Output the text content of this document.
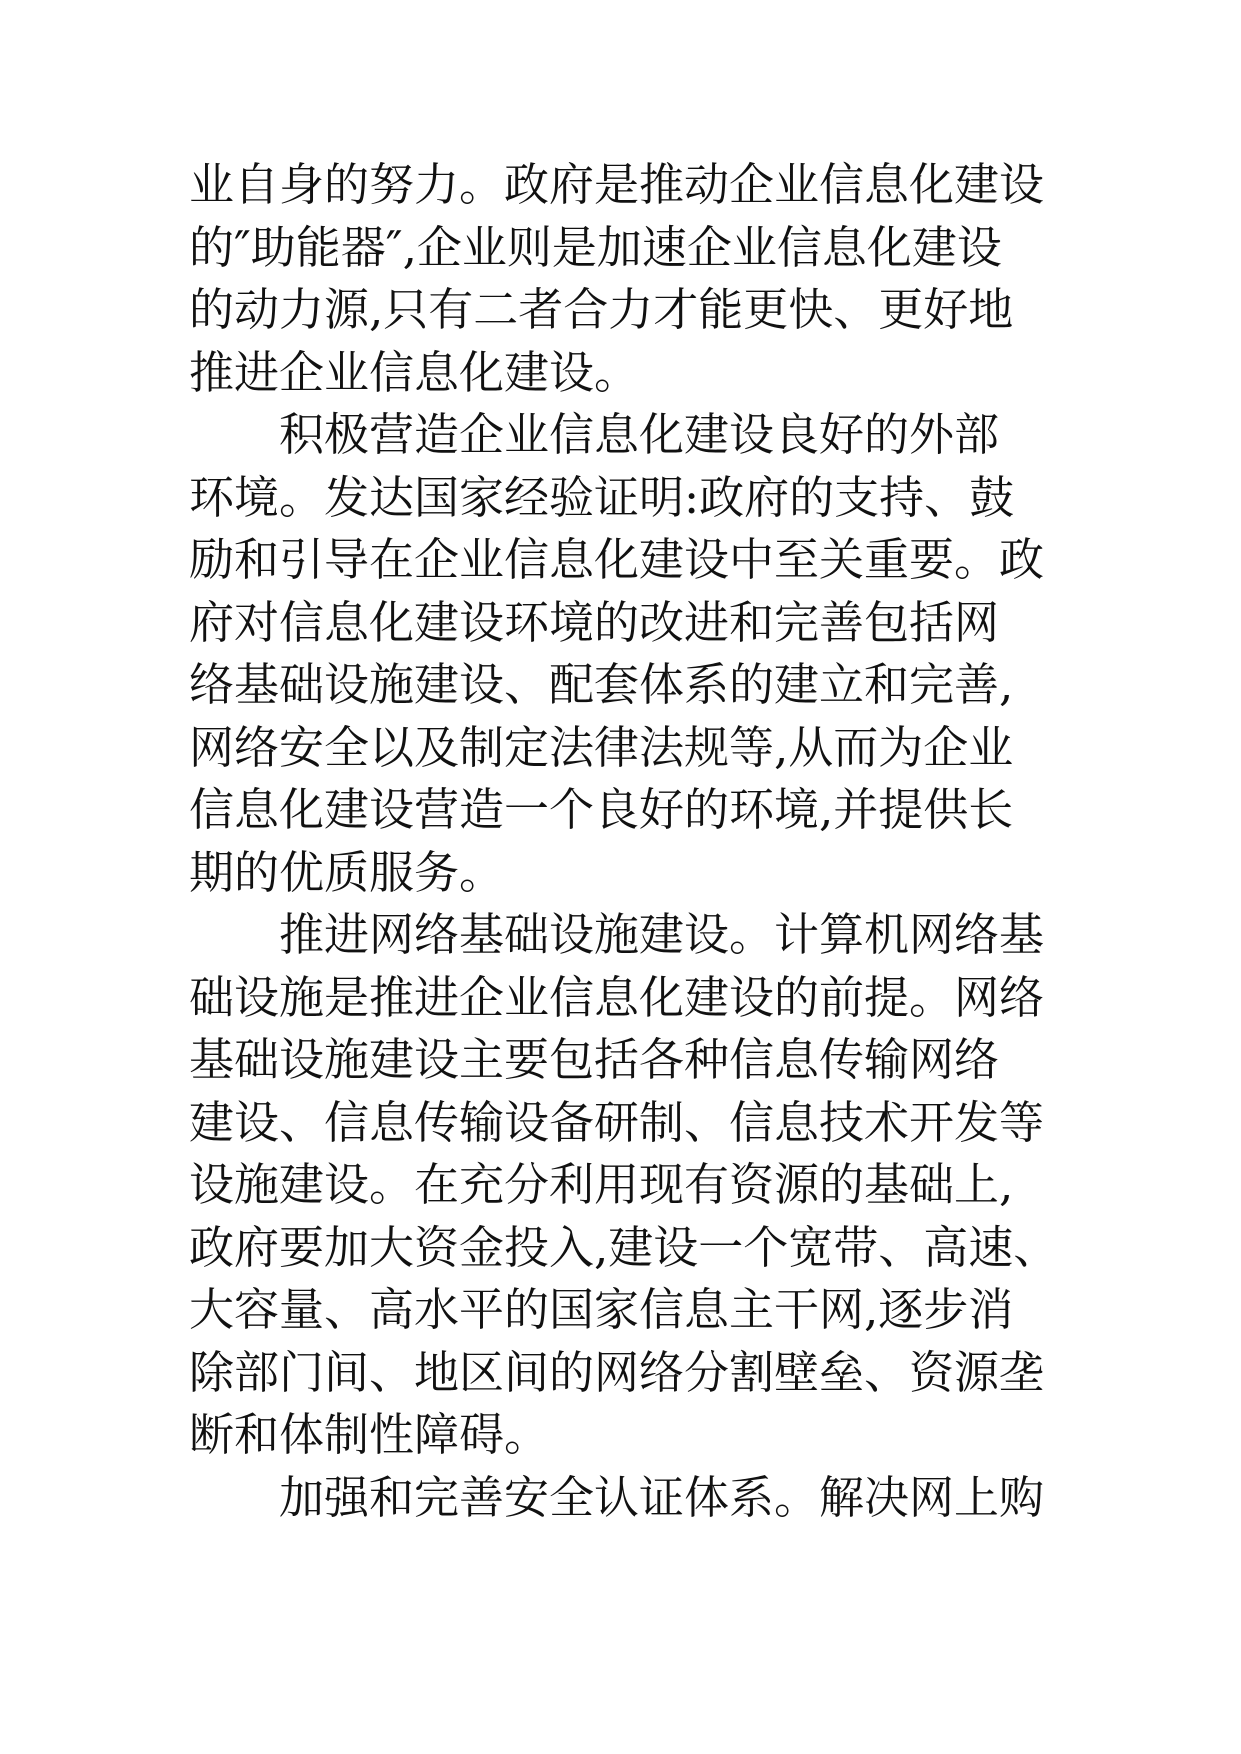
业自身的努力。政府是推动企业信息化建设
的″助能器″,企业则是加速企业信息化建设
的动力源,只有二者合力才能更快、更好地
推进企业信息化建设。
积极营造企业信息化建设良好的外部
环境。发达国家经验证明:政府的支持、鼓
励和引导在企业信息化建设中至关重要。政
府对信息化建设环境的改进和完善包括网
络基础设施建设、配套体系的建立和完善,
网络安全以及制定法律法规等,从而为企业
信息化建设营造一个良好的环境,并提供长
期的优质服务。
推进网络基础设施建设。计算机网络基
础设施是推进企业信息化建设的前提。网络
基础设施建设主要包括各种信息传输网络
建设、信息传输设备研制、信息技术开发等
设施建设。在充分利用现有资源的基础上,
政府要加大资金投入,建设一个宽带、高速、
大容量、高水平的国家信息主干网,逐步消
除部门间、地区间的网络分割壁垒、资源垄
断和体制性障碍。
加强和完善安全认证体系。解决网上购
